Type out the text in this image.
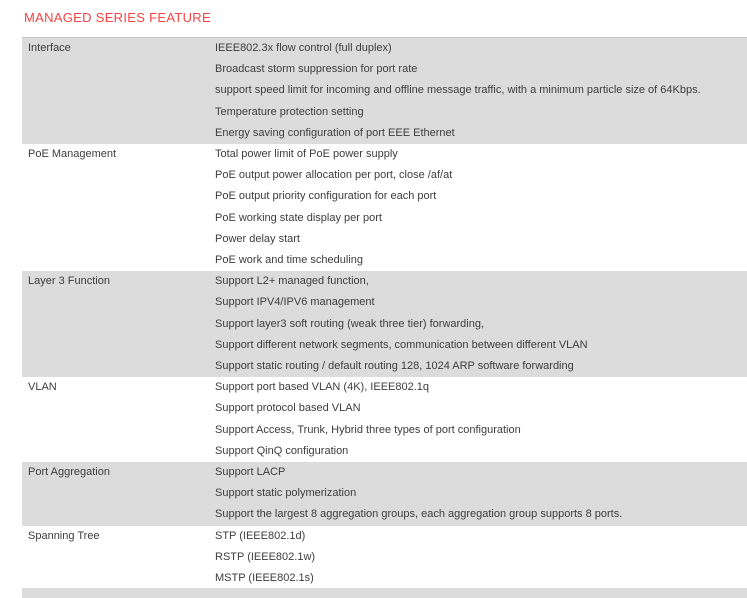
MANAGED SERIES FEATURE
Interface	IEEE802.3x flow control (full duplex)
Broadcast storm suppression for port rate
support speed limit for incoming and offline message traffic, with a minimum particle size of 64Kbps.
Temperature protection setting
Energy saving configuration of port EEE Ethernet
PoE Management	Total power limit of PoE power supply
PoE output power allocation per port, close /af/at
PoE output priority configuration for each port
PoE working state display per port
Power delay start
PoE work and time scheduling
Layer 3 Function	Support L2+ managed function,
Support IPV4/IPV6 management
Support layer3 soft routing (weak three tier) forwarding,
Support different network segments, communication between different VLAN
Support static routing / default routing 128, 1024 ARP software forwarding
VLAN	Support port based VLAN (4K), IEEE802.1q
Support protocol based VLAN
Support Access, Trunk, Hybrid three types of port configuration
Support QinQ configuration
Port Aggregation	Support LACP
Support static polymerization
Support the largest 8 aggregation groups, each aggregation group supports 8 ports.
Spanning Tree	STP (IEEE802.1d)
RSTP (IEEE802.1w)
MSTP (IEEE802.1s)
